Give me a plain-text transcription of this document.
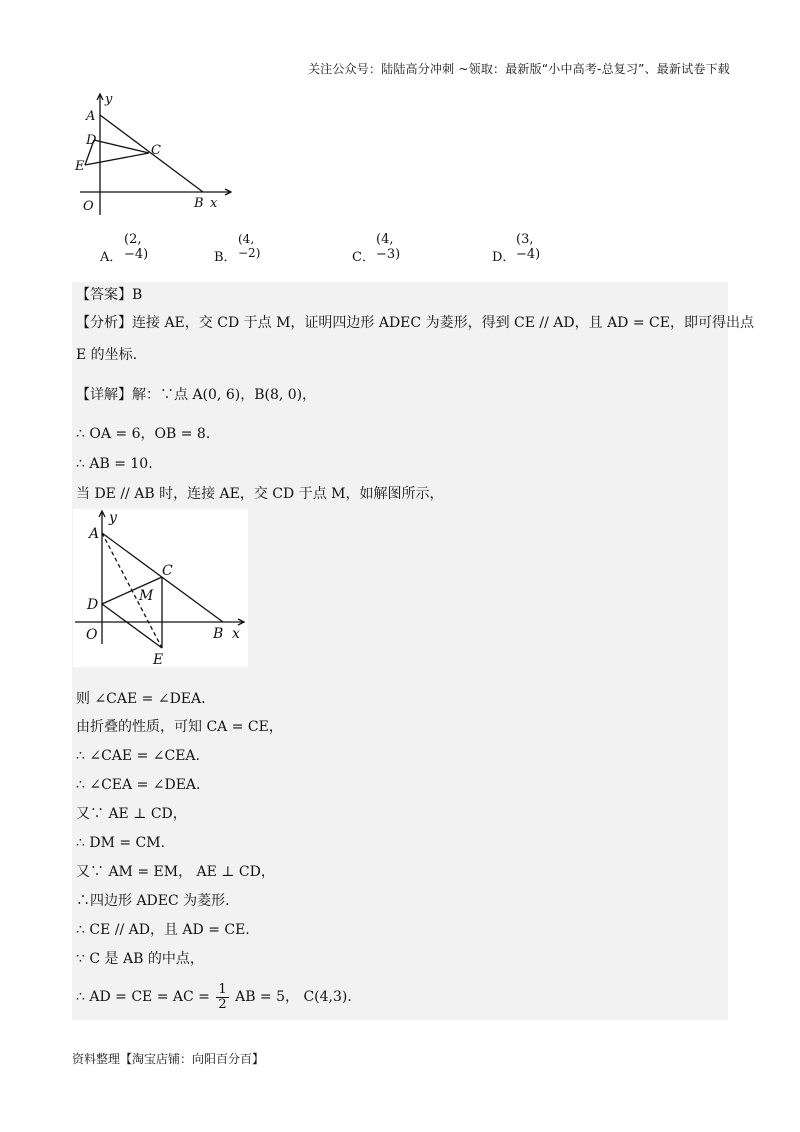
关注公众号：陆陆高分冲刺 ~领取：最新版“小中高考-总复习”、最新试卷下载
y
A
D
C
E
O	B x
A．
(2, −4)	B．
(4, −2)	C．
(4, −3)	D．
(3, −4)
【答案】B
【分析】连接 AE，交 CD 于点 M，证明四边形 ADEC 为菱形，得到 CE // AD，且 AD = CE，即可得出点
E 的坐标.
【详解】解：∵点 A(0, 6)，B(8, 0)，
∴ OA = 6，OB = 8.
∴ AB = 10.
当 DE // AB 时，连接 AE，交 CD 于点 M，如解图所示，
y
A
C
M
D
O	B x
E
则 ∠CAE = ∠DEA.
由折叠的性质，可知 CA = CE，
∴ ∠CAE = ∠CEA.
∴ ∠CEA = ∠DEA.
又∵ AE ⊥ CD，
∴ DM = CM.
又∵ AM = EM， AE ⊥ CD，
∴四边形 ADEC 为菱形.
∴ CE // AD，且 AD = CE.
∵ C 是 AB 的中点，
∴ AD = CE = AC = $\frac{1}{2}$ AB = 5， C(4,3).
资料整理【淘宝店铺：向阳百分百】
